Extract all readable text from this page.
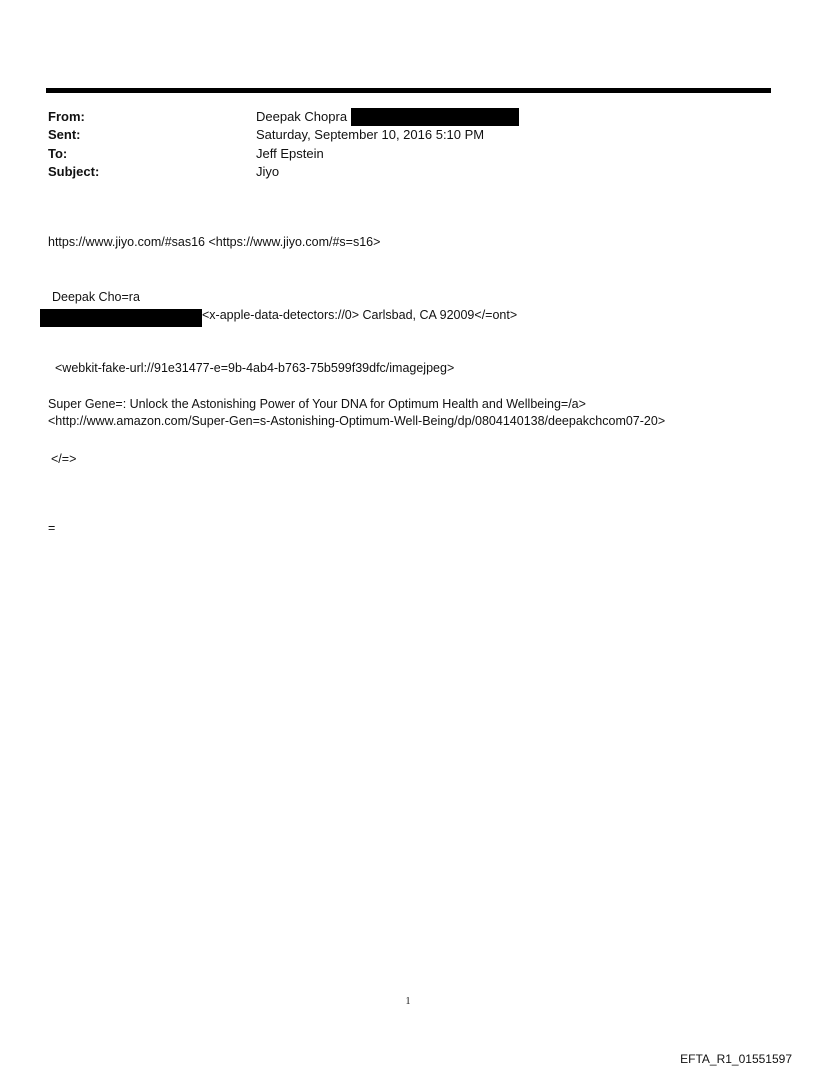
From:	Deepak Chopra
Sent:	Saturday, September 10, 2016 5:10 PM
To:	Jeff Epstein
Subject:	Jiyo
https://www.jiyo.com/#sas16 <https://www.jiyo.com/#s=s16>
Deepak Cho=ra
<x-apple-data-detectors://0> Carlsbad, CA 92009</=ont>
<webkit-fake-url://91e31477-e=9b-4ab4-b763-75b599f39dfc/imagejpeg>
Super Gene=: Unlock the Astonishing Power of Your DNA for Optimum Health and Wellbeing=/a>
<http://www.amazon.com/Super-Gen=s-Astonishing-Optimum-Well-Being/dp/0804140138/deepakchcom07-20>
</=>
=
1
EFTA_R1_01551597
